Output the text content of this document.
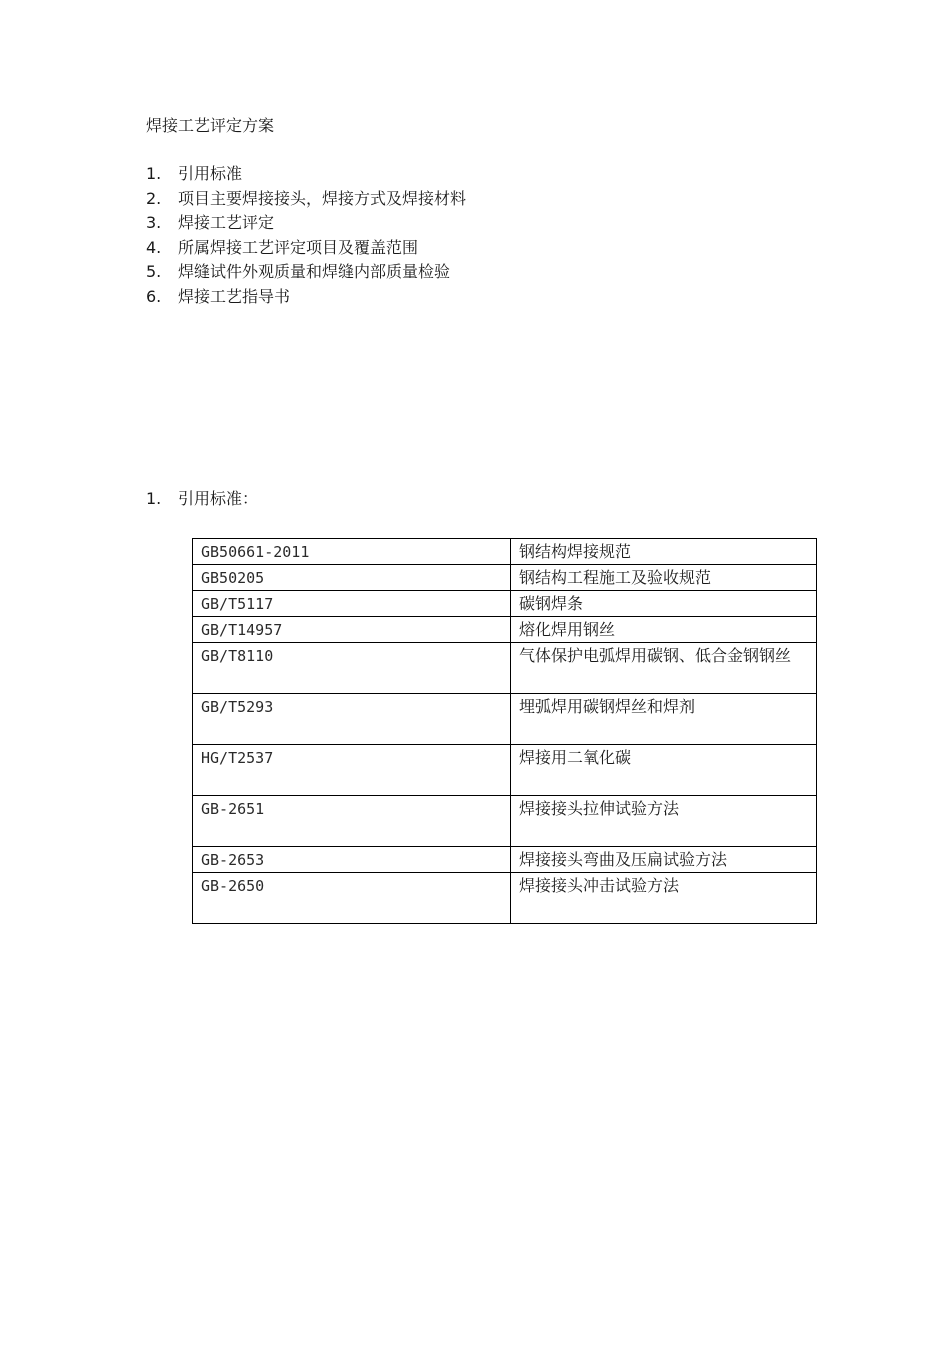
焊接工艺评定方案
1.	引用标准
2.	项目主要焊接接头，焊接方式及焊接材料
3.	焊接工艺评定
4.	所属焊接工艺评定项目及覆盖范围
5.	焊缝试件外观质量和焊缝内部质量检验
6.	焊接工艺指导书
1.	引用标准：
GB50661-2011	钢结构焊接规范
GB50205	钢结构工程施工及验收规范
GB/T5117	碳钢焊条
GB/T14957	熔化焊用钢丝
GB/T8110	气体保护电弧焊用碳钢、低合金钢钢丝
GB/T5293	埋弧焊用碳钢焊丝和焊剂
HG/T2537	焊接用二氧化碳
GB-2651	焊接接头拉伸试验方法
GB-2653	焊接接头弯曲及压扁试验方法
GB-2650	焊接接头冲击试验方法
